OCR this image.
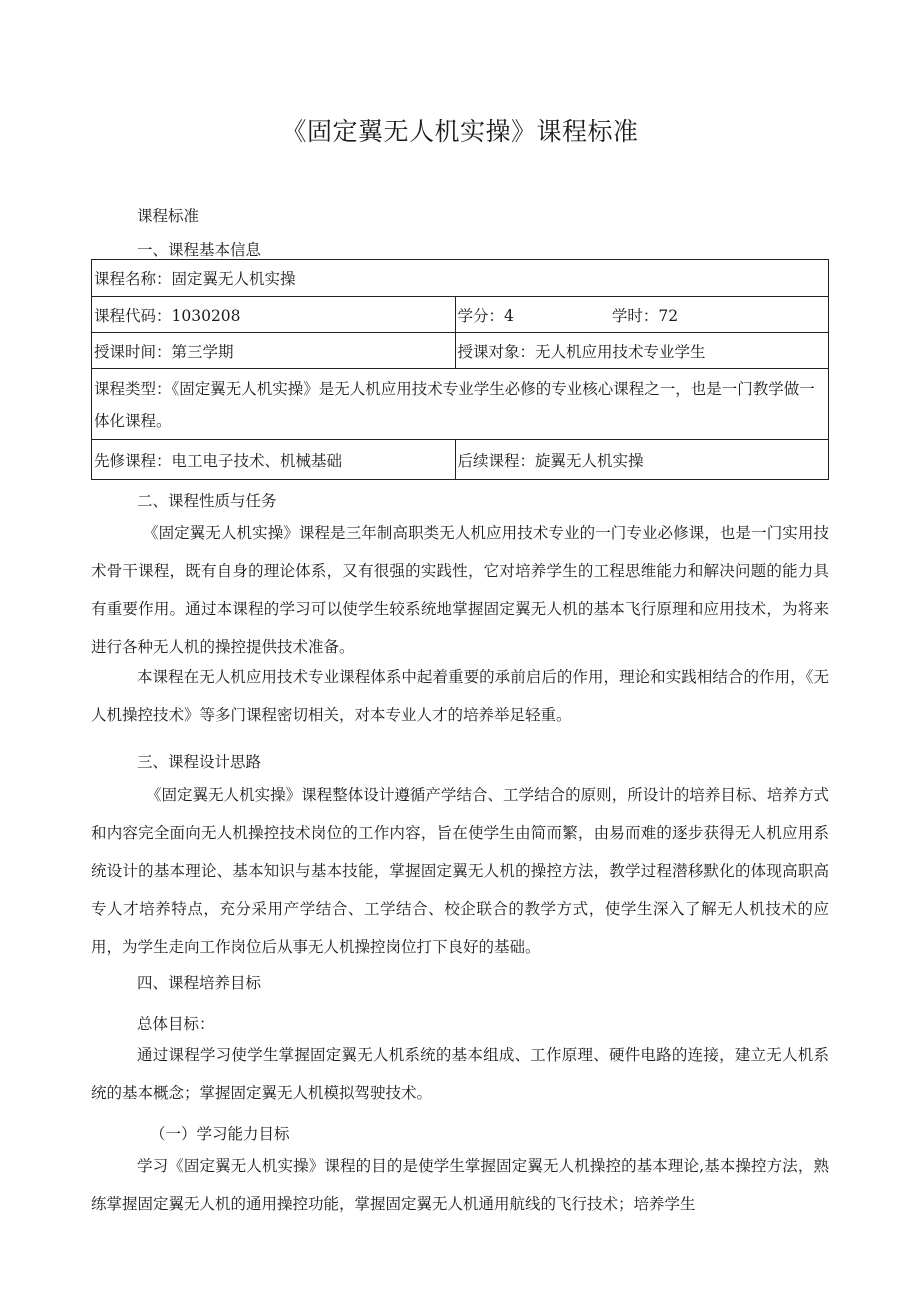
《固定翼无人机实操》课程标准
课程标准
一、课程基本信息
课程名称：固定翼无人机实操	
课程代码：1030208	学分：4 学时：72
授课时间：第三学期	授课对象：无人机应用技术专业学生
课程类型：《固定翼无人机实操》是无人机应用技术专业学生必修的专业核心课程之一，也是一门教学做一体化课程。	
先修课程：电工电子技术、机械基础	后续课程：旋翼无人机实操
二、课程性质与任务
《固定翼无人机实操》课程是三年制高职类无人机应用技术专业的一门专业必修课，也是一门实用技术骨干课程，既有自身的理论体系，又有很强的实践性，它对培养学生的工程思维能力和解决问题的能力具有重要作用。通过本课程的学习可以使学生较系统地掌握固定翼无人机的基本飞行原理和应用技术，为将来进行各种无人机的操控提供技术准备。
本课程在无人机应用技术专业课程体系中起着重要的承前启后的作用，理论和实践相结合的作用，《无人机操控技术》等多门课程密切相关，对本专业人才的培养举足轻重。
三、课程设计思路
《固定翼无人机实操》课程整体设计遵循产学结合、工学结合的原则，所设计的培养目标、培养方式和内容完全面向无人机操控技术岗位的工作内容，旨在使学生由简而繁，由易而难的逐步获得无人机应用系统设计的基本理论、基本知识与基本技能，掌握固定翼无人机的操控方法，教学过程潜移默化的体现高职高专人才培养特点，充分采用产学结合、工学结合、校企联合的教学方式，使学生深入了解无人机技术的应用，为学生走向工作岗位后从事无人机操控岗位打下良好的基础。
四、课程培养目标
总体目标：
通过课程学习使学生掌握固定翼无人机系统的基本组成、工作原理、硬件电路的连接，建立无人机系统的基本概念；掌握固定翼无人机模拟驾驶技术。
（一）学习能力目标
学习《固定翼无人机实操》课程的目的是使学生掌握固定翼无人机操控的基本理论,基本操控方法，熟练掌握固定翼无人机的通用操控功能，掌握固定翼无人机通用航线的飞行技术；培养学生
